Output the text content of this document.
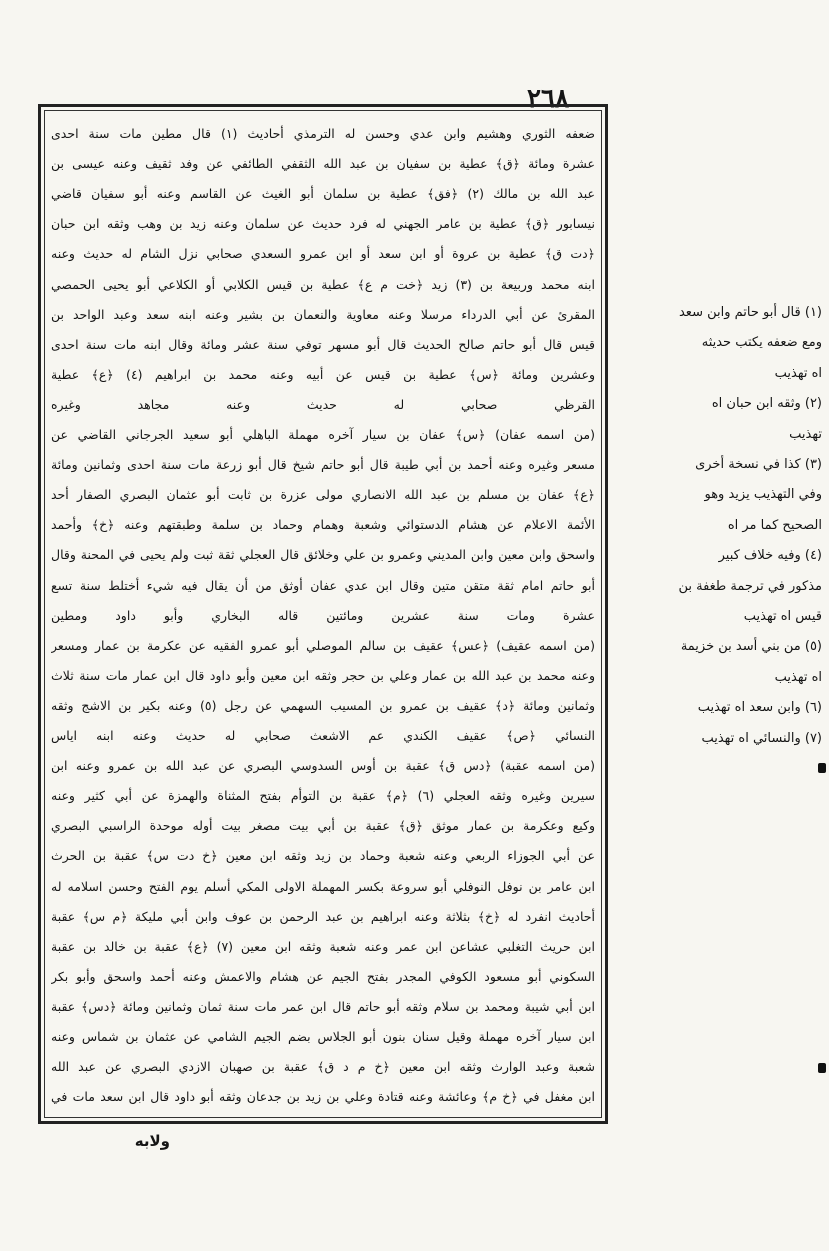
٢٦٨
ضعفه الثوري وهشيم وابن عدي وحسن له الترمذي أحاديث (١) قال مطين مات سنة احدى
عشرة ومائة ﴿ق﴾ عطية بن سفيان بن عبد الله الثقفي الطائفي عن وفد ثقيف وعنه عيسى بن
عبد الله بن مالك (٢) ﴿فق﴾ عطية بن سلمان أبو الغيث عن القاسم وعنه أبو سفيان قاضي
نيسابور ﴿ق﴾ عطية بن عامر الجهني له فرد حديث عن سلمان وعنه زيد بن وهب وثقه ابن حبان
﴿دت ق﴾ عطية بن عروة أو ابن سعد أو ابن عمرو السعدي صحابي نزل الشام له حديث وعنه
ابنه محمد وربيعة بن (٣) زيد ﴿خت م ع﴾ عطية بن قيس الكلابي أو الكلاعي أبو يحيى الحمصي
المقرئ عن أبي الدرداء مرسلا وعنه معاوية والنعمان بن بشير وعنه ابنه سعد وعبد الواحد بن
قيس قال أبو حاتم صالح الحديث قال أبو مسهر توفي سنة عشر ومائة وقال ابنه مات سنة احدى
وعشرين ومائة ﴿س﴾ عطية بن قيس عن أبيه وعنه محمد بن ابراهيم (٤) ﴿ع﴾ عطية
القرظي صحابي له حديث وعنه مجاهد وغيره
(من اسمه عفان) ﴿س﴾ عفان بن سيار آخره مهملة الباهلي أبو سعيد الجرجاني القاضي عن
مسعر وغيره وعنه أحمد بن أبي طيبة قال أبو حاتم شيخ قال أبو زرعة مات سنة احدى وثمانين ومائة
﴿ع﴾ عفان بن مسلم بن عبد الله الانصاري مولى عزرة بن ثابت أبو عثمان البصري الصفار أحد
الأئمة الاعلام عن هشام الدستوائي وشعبة وهمام وحماد بن سلمة وطبقتهم وعنه ﴿خ﴾ وأحمد
واسحق وابن معين وابن المديني وعمرو بن علي وخلائق قال العجلي ثقة ثبت ولم يحيى في المحنة وقال
أبو حاتم امام ثقة متقن متين وقال ابن عدي عفان أوثق من أن يقال فيه شيء أختلط سنة تسع
عشرة ومات سنة عشرين ومائتين قاله البخاري وأبو داود ومطين
(من اسمه عقيف) ﴿عس﴾ عقيف بن سالم الموصلي أبو عمرو الفقيه عن عكرمة بن عمار ومسعر
وعنه محمد بن عبد الله بن عمار وعلي بن حجر وثقه ابن معين وأبو داود قال ابن عمار مات سنة ثلاث
وثمانين ومائة ﴿د﴾ عقيف بن عمرو بن المسيب السهمي عن رجل (٥) وعنه بكير بن الاشج وثقه
النسائي ﴿ص﴾ عقيف الكندي عم الاشعث صحابي له حديث وعنه ابنه اياس
(من اسمه عقبة) ﴿دس ق﴾ عقبة بن أوس السدوسي البصري عن عبد الله بن عمرو وعنه ابن
سيرين وغيره وثقه العجلي (٦) ﴿م﴾ عقبة بن التوأم بفتح المثناة والهمزة عن أبي كثير وعنه
وكيع وعكرمة بن عمار موثق ﴿ق﴾ عقبة بن أبي بيت مصغر بيت أوله موحدة الراسبي البصري
عن أبي الجوزاء الربعي وعنه شعبة وحماد بن زيد وثقه ابن معين ﴿خ دت س﴾ عقبة بن الحرث
ابن عامر بن نوفل النوفلي أبو سروعة بكسر المهملة الاولى المكي أسلم يوم الفتح وحسن اسلامه له
أحاديث انفرد له ﴿خ﴾ بثلاثة وعنه ابراهيم بن عبد الرحمن بن عوف وابن أبي مليكة ﴿م س﴾ عقبة
ابن حريث التغلبي عشاعن ابن عمر وعنه شعبة وثقه ابن معين (٧) ﴿ع﴾ عقبة بن خالد بن عقبة
السكوني أبو مسعود الكوفي المجدر بفتح الجيم عن هشام والاعمش وعنه أحمد واسحق وأبو بكر
ابن أبي شيبة ومحمد بن سلام وثقه أبو حاتم قال ابن عمر مات سنة ثمان وثمانين ومائة ﴿دس﴾ عقبة
ابن سيار آخره مهملة وقيل سنان بنون أبو الجلاس بضم الجيم الشامي عن عثمان بن شماس وعنه
شعبة وعبد الوارث وثقه ابن معين ﴿خ م د ق﴾ عقبة بن صهبان الازدي البصري عن عبد الله
ابن مغفل في ﴿خ م﴾ وعائشة وعنه قتادة وعلي بن زيد بن جدعان وثقه أبو داود قال ابن سعد مات في
(١) قال أبو حاتم وابن سعد
ومع ضعفه يكتب حديثه
اه تهذيب
(٢) وثقه ابن حبان اه
تهذيب
(٣) كذا في نسخة أخرى
وفي التهذيب يزيد وهو
الصحيح كما مر اه
(٤) وفيه خلاف كبير
مذكور في ترجمة طغفة بن
قيس اه تهذيب
(٥) من بني أسد بن خزيمة
اه تهذيب
(٦) وابن سعد اه تهذيب
(٧) والنسائي اه تهذيب
ولابه
